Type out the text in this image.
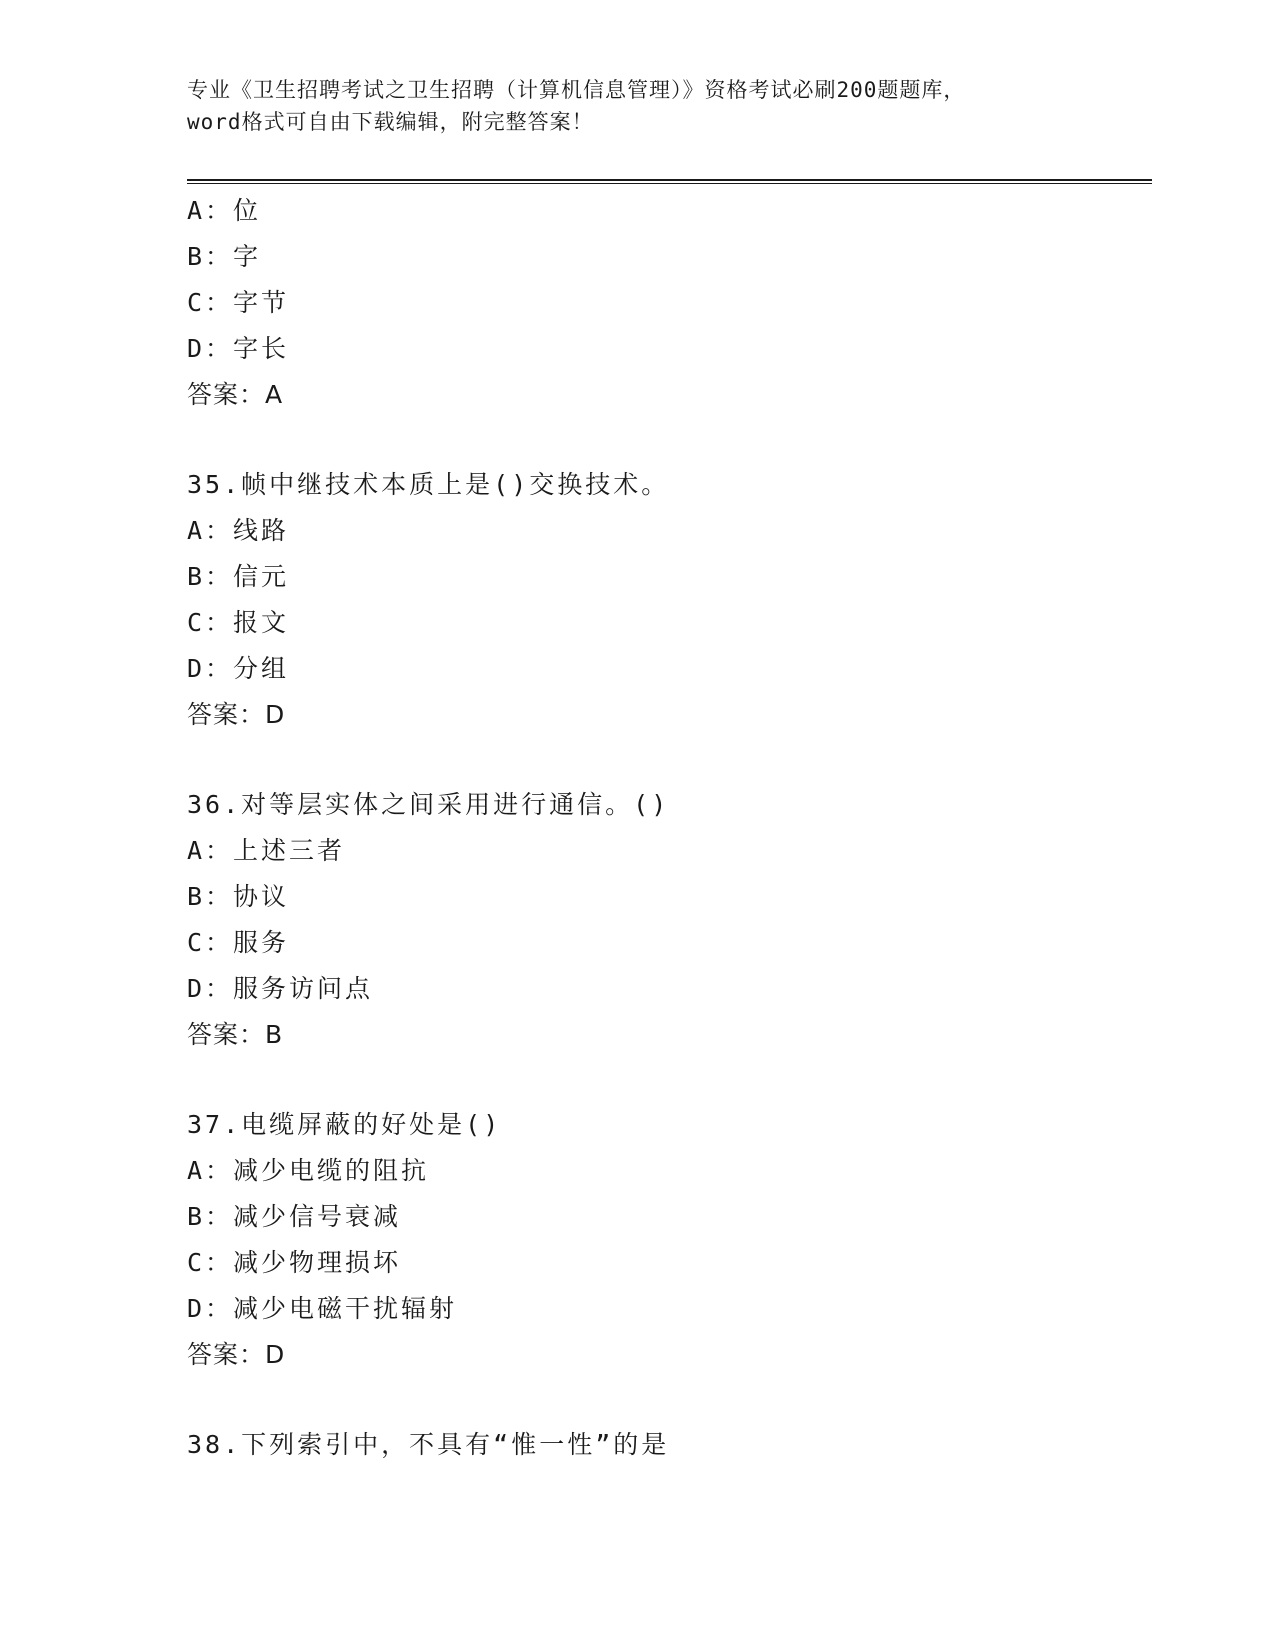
专业《卫生招聘考试之卫生招聘（计算机信息管理）》资格考试必刷200题题库，
word格式可自由下载编辑，附完整答案！
A：位
B：字
C：字节
D：字长
答案：A
35.帧中继技术本质上是()交换技术。
A：线路
B：信元
C：报文
D：分组
答案：D
36.对等层实体之间采用进行通信。()
A：上述三者
B：协议
C：服务
D：服务访问点
答案：B
37.电缆屏蔽的好处是()
A：减少电缆的阻抗
B：减少信号衰减
C：减少物理损坏
D：减少电磁干扰辐射
答案：D
38.下列索引中，不具有“惟一性”的是
